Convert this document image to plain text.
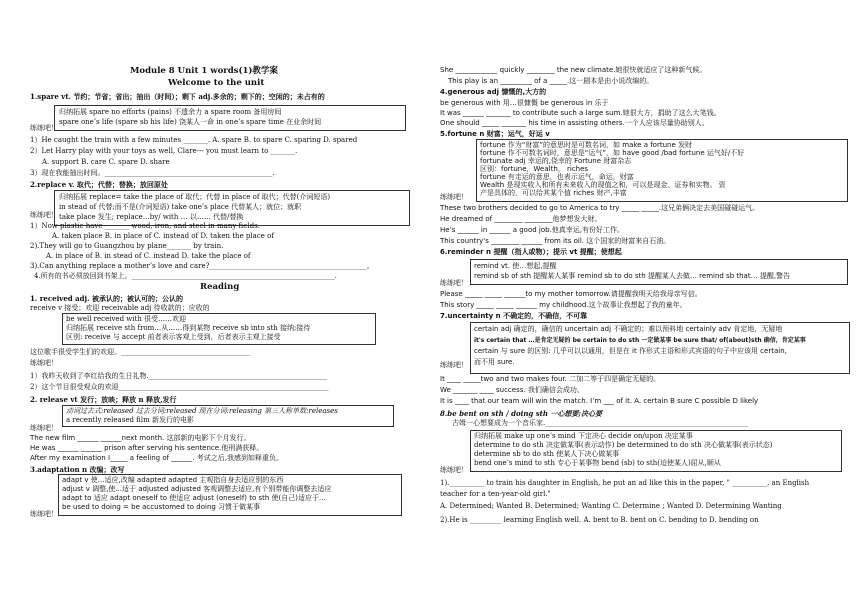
Module 8 Unit 1 words(1)教学案
Welcome to the unit
1.spare vt. 节约；节省；省出；抽出（时间）；剩下 adj.多余的；剩下的；空闲的；未占有的
归纳拓展 spare no efforts (pains) 不遗余力 a spare room 备用房间
spare one’s life (spare sb his life) 饶某人一命 in one’s spare time 在业余时间
练练吧！
1）He caught the train with a few minutes _______. A. spare B. to spare C. sparing D. spared
2）Let Harry play with your toys as well, Clare--- you must learn to _______.
A. support B. care C. spare D. share
3）现在我能抽出时间。________________________________________________.
2.replace v. 取代；代替；替换；放回原处
归纳拓展 replace= take the place of 取代；代替 in place of 取代；代替(介词短语)
in stead of 代替;而不是(介词短语) take one’s place 代替某人；就位；就职
take place 发生; replace…by/ with … 以…… 代替/替换
练练吧！
1）Now plastic have _______ wood, iron, and steel in many fields.
A. taken place B. in place of C. instead of D. taken the place of
2).They will go to Guangzhou by plane_______ by train.
A. in place of B. in stead of C. instead D. take the place of
3).Can anything replace a mother’s love and care?_____________________________________________。
4.所有的书必须放回到书架上。__________________________________________________________.
Reading
1. received adj. 被承认的；被认可的；公认的
receive v 接受；欢迎 receivable adj 待收款的；应收的
be well received with 很受……欢迎
归纳拓展 receive sth from…从……得到某物 receive sb into sth 接纳;接待
区别: receive 与 accept 前者表示客观上受到，后者表示主观上接受
这位歌手很受学生们的欢迎。_____________________________________
练练吧！
1）我昨天收到了李红给我的生日礼物.___________________________________________________
2）这个节目很受观众的欢迎____________________________________________________________
2. release vt 发行；放映；释放 n 释放,发行
动词过去式:released 过去分词:released 现在分词:releasing 第三人称单数:releases
a recently released film 新发行的电影
练练吧！
The new film ______ ______next month. 这部新的电影下个月发行。
He was ______ ______ prison after serving his sentence.他刑满获释。
After my examination I_____ a feeling of ______. 考试之后,我感到如释重负。
3.adaptation n 改编；改写
adapt v 使...适应,改编 adapted adapted 主观指自身去适应别的东西
adjust v 调整,使...适于 adjusted adjusted 客观调整去适应,有个别带能你调整去适应
adapt to 适应 adapt oneself to 使适应 adjust (oneself) to sth 使(自己)适应于...
be used to doing = be accustomed to doing 习惯于做某事
练练吧！
She ____________ quickly ________ the new climate.她很快就适应了这种新气候。
This play is an _________ of a _____.这一剧本是由小说改编的。
4.generous adj 慷慨的,大方的
be generous with 用…很慷慨 be generous in 乐于
It was ______ _______ to contribute such a large sum.她很大方，捐助了这么大笔钱。
One should _____ _______ his time in assisting others.一个人应该尽量协助别人。
5.fortune n 财富；运气，好运 v
fortune 作为“财富”的意思时是可数名词，如 make a fortune 发财
fortune 作不可数名词时，意思是“运气”，如 have good /bad fortune 运气好/不好
fortunate adj 幸运的,侥幸的 Fortune 财富杂志
区别：fortune，Wealth， riches
fortune 有走运的意思，也表示运气，命运，财富
Wealth 是现实收入和所有未来收入的现值之和，可以是现金、证券和实物。 资
产是具体的，可以给其某个值 riches 财产,丰富
练练吧！
These two brothers decided to go to America to try _____ _____.这兄弟俩决定去美国碰碰运气。
He dreamed of ________ ________他梦想发大财。
He’s ______ in ______ a good job.他真幸运,有份好工作。
This country's ________ ______ from its oil. 这个国家的财富来自石油。
6.reminder n 提醒（指人或物）；提示 vt 提醒；使想起
remind vt. 使…想起,提醒
remind sb of sth 提醒某人某事 remind sb to do sth 提醒某人去做… remind sb that… 提醒,警告
练练吧！
Please _____ _____ ______to my mother tomorrow.请提醒我明天给我母亲写信。
This story _____ _____ ______ my childhood.这个故事让我想起了我的童年。
7.uncertainty n 不确定的，不确信，不可靠
certain adj 确定的，确信的 uncertain adj 不确定的；难以预料地 certainly adv 肯定地，无疑地
it's certain that …是肯定无疑的 be certain to do sth 一定做某事 be sure that/ of(about)sth 确信，肯定某事
certain 与 sure 的区别: 几乎可以以通用，但是在 it 作形式主语和形式宾语的句子中应该用 certain,
而不用 sure.
练练吧！
It ____ _____two and two makes four. 二加二等于四是确定无疑的。
We _______ ____ success. 我们确信会成功。
It is ____ that our team will win the match. I’m ___ of it. A. certain B sure C possible D likely
8.be bent on sth / doing sth 一心想要;决心要
古姆一心想要成为一个音乐家.__________________________________________________________
归纳拓展 make up one’s mind 下定决心 decide on/upon 决定某事
determine to do sth 决定做某事(表示动作) be determined to do sth 决心做某事(表示状态)
determine sb to do sth 使某人下决心做某事
bend one’s mind to sth 专心于某事物 bend (sb) to sth(迫使某人)屈从,顺从
练练吧！
1).__________ to train his daughter in English, he put an ad like this in the paper, " __________, an English
teacher for a ten-year-old girl."
A. Determined; Wanted B. Determined; Wanting C. Determine ; Wanted D. Determining Wanting
2).He is _________ learning English well. A. bent to B. bent on C. bending to D. bending on
